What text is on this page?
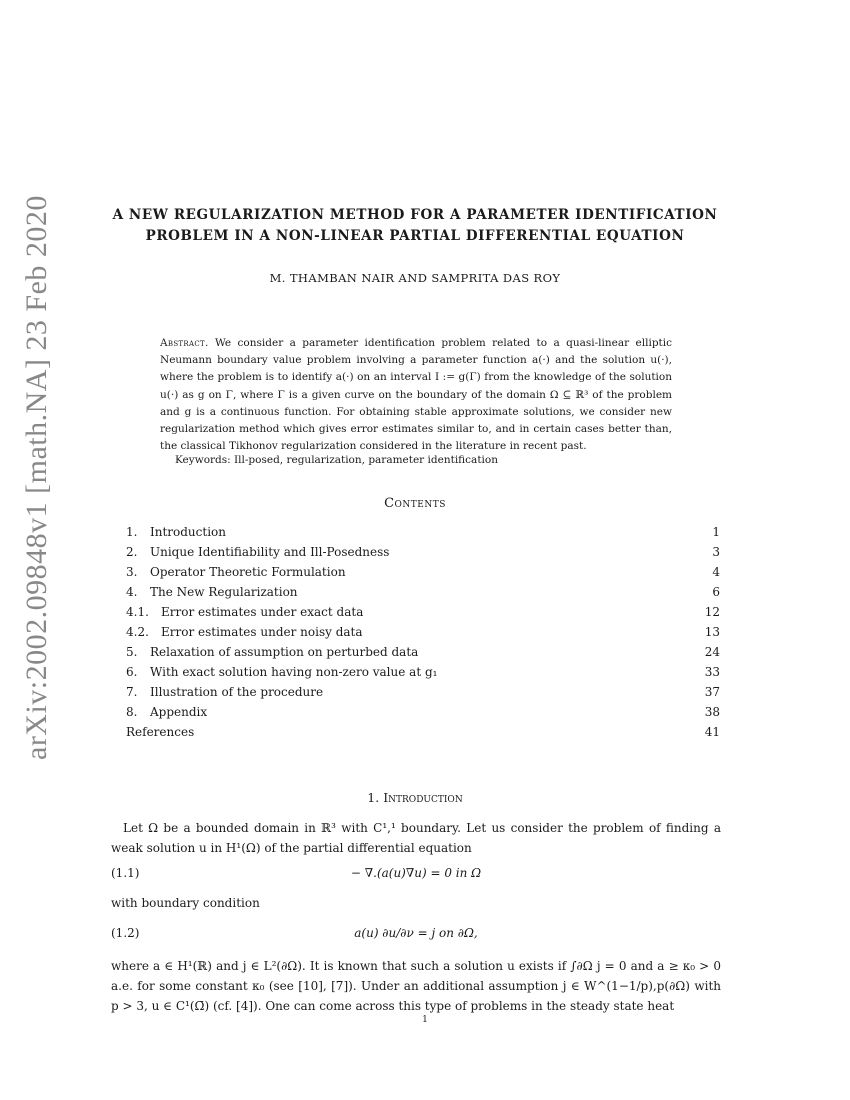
arXiv:2002.09848v1 [math.NA] 23 Feb 2020	A NEW REGULARIZATION METHOD FOR A PARAMETER IDENTIFICATION
PROBLEM IN A NON-LINEAR PARTIAL DIFFERENTIAL EQUATION
M. THAMBAN NAIR AND SAMPRITA DAS ROY
Abstract. We consider a parameter identification problem related to a quasi-linear elliptic Neumann boundary value problem involving a parameter function a(·) and the solution u(·), where the problem is to identify a(·) on an interval I := g(Γ) from the knowledge of the solution u(·) as g on Γ, where Γ is a given curve on the boundary of the domain Ω ⊆ ℝ³ of the problem and g is a continuous function. For obtaining stable approximate solutions, we consider new regularization method which gives error estimates similar to, and in certain cases better than, the classical Tikhonov regularization considered in the literature in recent past.
Keywords: Ill-posed, regularization, parameter identification
Contents
1. Introduction	1
2. Unique Identifiability and Ill-Posedness	3
3. Operator Theoretic Formulation	4
4. The New Regularization	6
4.1. Error estimates under exact data	12
4.2. Error estimates under noisy data	13
5. Relaxation of assumption on perturbed data	24
6. With exact solution having non-zero value at g₁	33
7. Illustration of the procedure	37
8. Appendix	38
References	41
1. Introduction
Let Ω be a bounded domain in ℝ³ with C¹,¹ boundary. Let us consider the problem of finding a weak solution u in H¹(Ω) of the partial differential equation
(1.1)	− ∇.(a(u)∇u) = 0 in Ω
with boundary condition
(1.2)	a(u) ∂u/∂ν = j on ∂Ω,
where a ∈ H¹(ℝ) and j ∈ L²(∂Ω). It is known that such a solution u exists if ∫∂Ω j = 0 and a ≥ κ₀ > 0 a.e. for some constant κ₀ (see [10], [7]). Under an additional assumption j ∈ W^(1−1/p),p(∂Ω) with p > 3, u ∈ C¹(Ω̄) (cf. [4]). One can come across this type of problems in the steady state heat
1
